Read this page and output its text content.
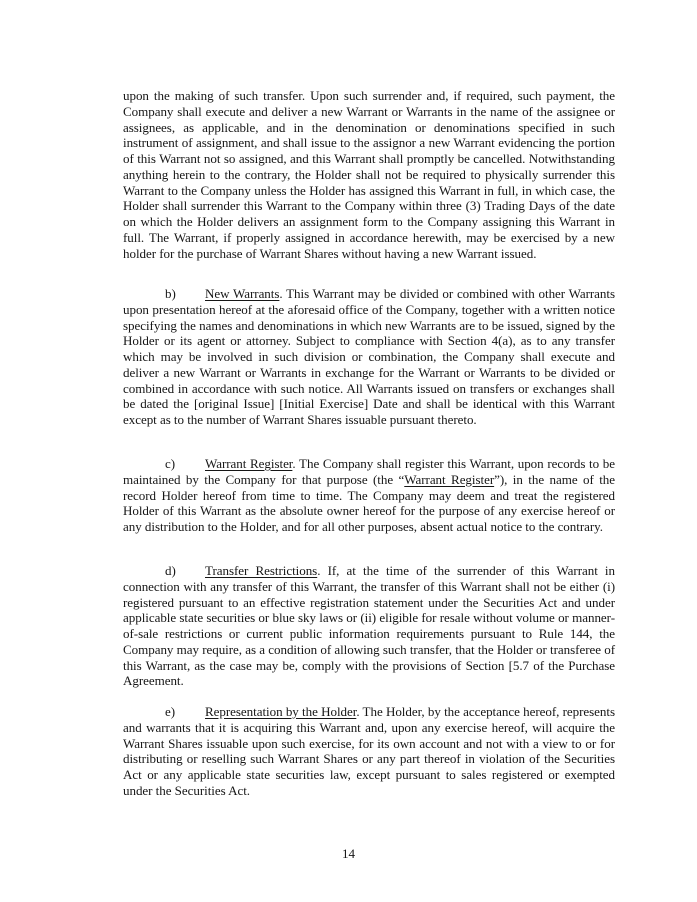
upon the making of such transfer. Upon such surrender and, if required, such payment, the Company shall execute and deliver a new Warrant or Warrants in the name of the assignee or assignees, as applicable, and in the denomination or denominations specified in such instrument of assignment, and shall issue to the assignor a new Warrant evidencing the portion of this Warrant not so assigned, and this Warrant shall promptly be cancelled. Notwithstanding anything herein to the contrary, the Holder shall not be required to physically surrender this Warrant to the Company unless the Holder has assigned this Warrant in full, in which case, the Holder shall surrender this Warrant to the Company within three (3) Trading Days of the date on which the Holder delivers an assignment form to the Company assigning this Warrant in full. The Warrant, if properly assigned in accordance herewith, may be exercised by a new holder for the purchase of Warrant Shares without having a new Warrant issued.

b) New Warrants. This Warrant may be divided or combined with other Warrants upon presentation hereof at the aforesaid office of the Company, together with a written notice specifying the names and denominations in which new Warrants are to be issued, signed by the Holder or its agent or attorney. Subject to compliance with Section 4(a), as to any transfer which may be involved in such division or combination, the Company shall execute and deliver a new Warrant or Warrants in exchange for the Warrant or Warrants to be divided or combined in accordance with such notice. All Warrants issued on transfers or exchanges shall be dated the [original Issue] [Initial Exercise] Date and shall be identical with this Warrant except as to the number of Warrant Shares issuable pursuant thereto.

c) Warrant Register. The Company shall register this Warrant, upon records to be maintained by the Company for that purpose (the “Warrant Register”), in the name of the record Holder hereof from time to time. The Company may deem and treat the registered Holder of this Warrant as the absolute owner hereof for the purpose of any exercise hereof or any distribution to the Holder, and for all other purposes, absent actual notice to the contrary.

d) Transfer Restrictions. If, at the time of the surrender of this Warrant in connection with any transfer of this Warrant, the transfer of this Warrant shall not be either (i) registered pursuant to an effective registration statement under the Securities Act and under applicable state securities or blue sky laws or (ii) eligible for resale without volume or manner-of-sale restrictions or current public information requirements pursuant to Rule 144, the Company may require, as a condition of allowing such transfer, that the Holder or transferee of this Warrant, as the case may be, comply with the provisions of Section [5.7 of the Purchase Agreement.

e) Representation by the Holder. The Holder, by the acceptance hereof, represents and warrants that it is acquiring this Warrant and, upon any exercise hereof, will acquire the Warrant Shares issuable upon such exercise, for its own account and not with a view to or for distributing or reselling such Warrant Shares or any part thereof in violation of the Securities Act or any applicable state securities law, except pursuant to sales registered or exempted under the Securities Act.

14
